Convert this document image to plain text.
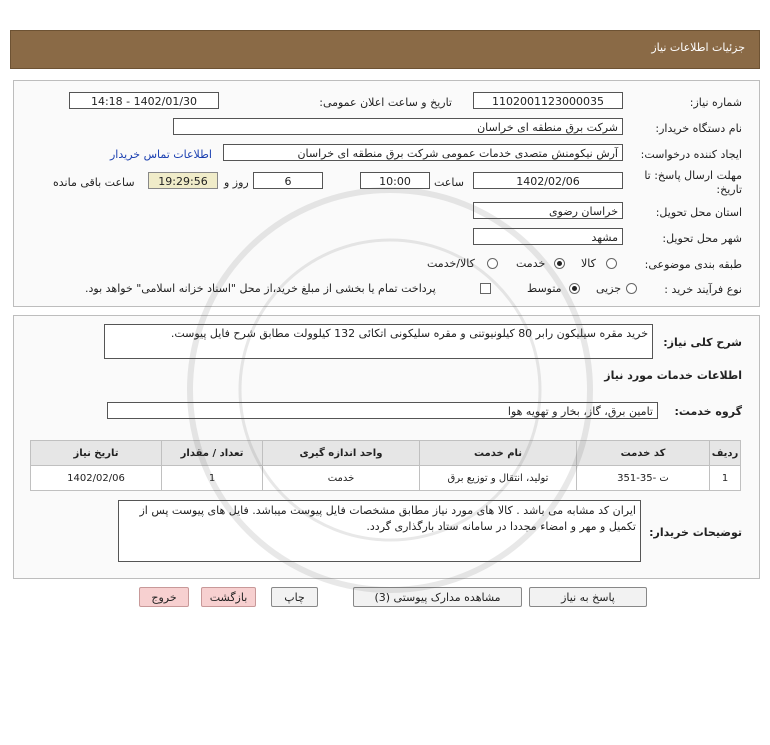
جزئیات اطلاعات نیاز
شماره نیاز:
1102001123000035
تاریخ و ساعت اعلان عمومی:
1402/01/30 - 14:18
نام دستگاه خریدار:
شرکت برق منطقه ای خراسان
ایجاد کننده درخواست:
آرش نیکومنش متصدی خدمات عمومی شرکت برق منطقه ای خراسان
اطلاعات تماس خریدار
مهلت ارسال پاسخ: تا
تاریخ:
1402/02/06
ساعت
10:00
6
روز و
19:29:56
ساعت باقی مانده
استان محل تحویل:
خراسان رضوی
شهر محل تحویل:
مشهد
طبقه بندی موضوعی:
کالا
خدمت
کالا/خدمت
نوع فرآیند خرید :
جزیی
متوسط
پرداخت تمام یا بخشی از مبلغ خرید،از محل "اسناد خزانه اسلامی" خواهد بود.
شرح کلی نیاز:
خرید مقره سیلیکون رابر 80 کیلونیوتنی و مقره سلیکونی اتکائی 132 کیلوولت مطابق شرح فایل پیوست.
اطلاعات خدمات مورد نیاز
گروه خدمت:
تامین برق، گاز، بخار و تهویه هوا
ردیف	کد خدمت	نام خدمت	واحد اندازه گیری	تعداد / مقدار	تاریخ نیاز
1	ت -35-351	تولید، انتقال و توزیع برق	خدمت	1	1402/02/06
توضیحات خریدار:
ایران کد مشابه می باشد . کالا های مورد نیاز مطابق مشخصات فایل پیوست میباشد. فایل های پیوست پس از تکمیل و مهر و امضاء مجددا در سامانه ستاد بارگذاری گردد.
پاسخ به نیاز
مشاهده مدارک پیوستی (3)
چاپ
بازگشت
خروج
